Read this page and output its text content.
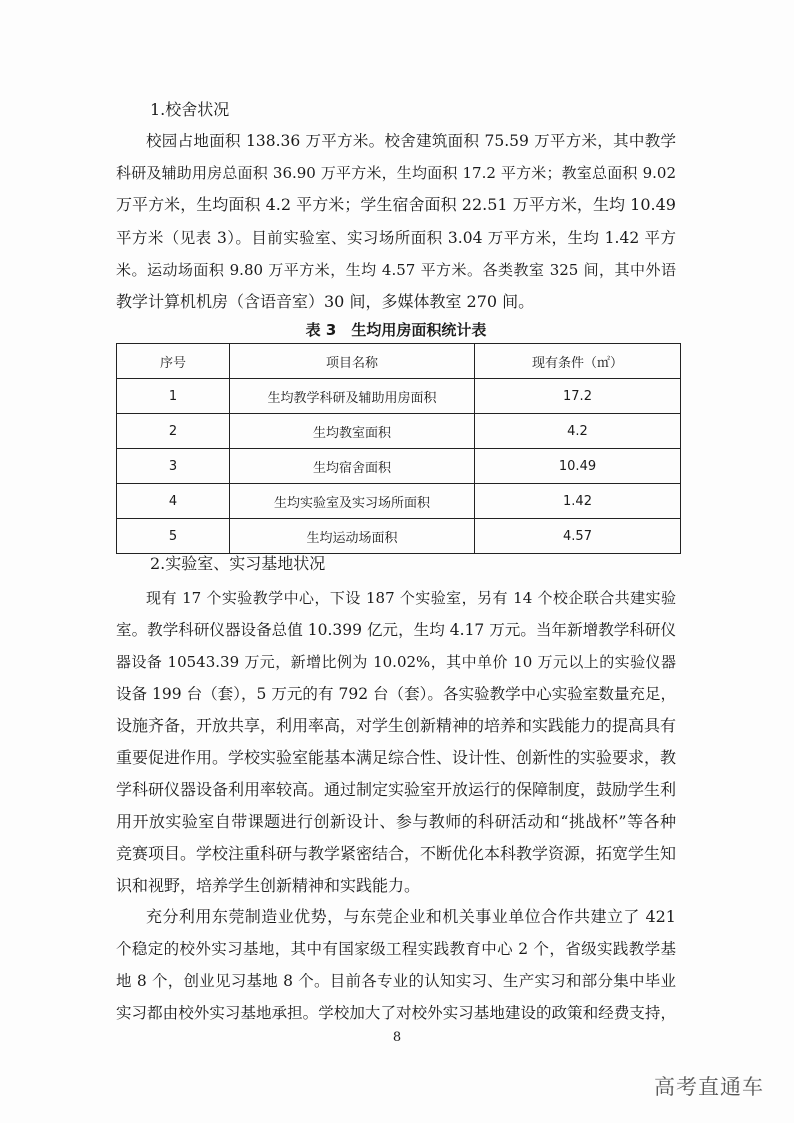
1.校舍状况
校园占地面积 138.36 万平方米。校舍建筑面积 75.59 万平方米，其中教学
科研及辅助用房总面积 36.90 万平方米，生均面积 17.2 平方米；教室总面积 9.02
万平方米，生均面积 4.2 平方米；学生宿舍面积 22.51 万平方米，生均 10.49
平方米（见表 3）。目前实验室、实习场所面积 3.04 万平方米，生均 1.42 平方
米。运动场面积 9.80 万平方米，生均 4.57 平方米。各类教室 325 间，其中外语
教学计算机机房（含语音室）30 间，多媒体教室 270 间。
表 3　生均用房面积统计表
序号	项目名称	现有条件（㎡）
1	生均教学科研及辅助用房面积	17.2
2	生均教室面积	4.2
3	生均宿舍面积	10.49
4	生均实验室及实习场所面积	1.42
5	生均运动场面积	4.57
2.实验室、实习基地状况
现有 17 个实验教学中心，下设 187 个实验室，另有 14 个校企联合共建实验
室。教学科研仪器设备总值 10.399 亿元，生均 4.17 万元。当年新增教学科研仪
器设备 10543.39 万元，新增比例为 10.02%，其中单价 10 万元以上的实验仪器
设备 199 台（套），5 万元的有 792 台（套）。各实验教学中心实验室数量充足，
设施齐备，开放共享，利用率高，对学生创新精神的培养和实践能力的提高具有
重要促进作用。学校实验室能基本满足综合性、设计性、创新性的实验要求，教
学科研仪器设备利用率较高。通过制定实验室开放运行的保障制度，鼓励学生利
用开放实验室自带课题进行创新设计、参与教师的科研活动和“挑战杯”等各种
竞赛项目。学校注重科研与教学紧密结合，不断优化本科教学资源，拓宽学生知
识和视野，培养学生创新精神和实践能力。
充分利用东莞制造业优势，与东莞企业和机关事业单位合作共建立了 421
个稳定的校外实习基地，其中有国家级工程实践教育中心 2 个，省级实践教学基
地 8 个，创业见习基地 8 个。目前各专业的认知实习、生产实习和部分集中毕业
实习都由校外实习基地承担。学校加大了对校外实习基地建设的政策和经费支持，
8
高考直通车
